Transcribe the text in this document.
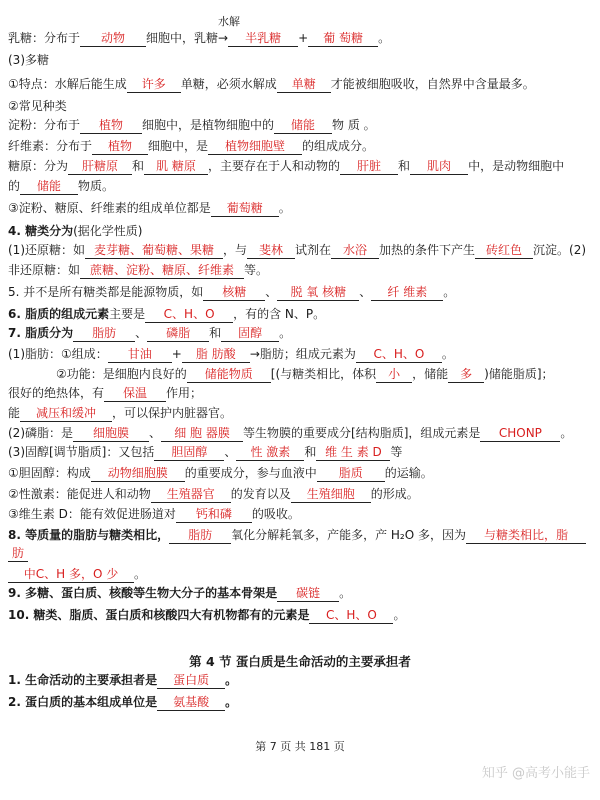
乳糖：分布于 动物 细胞中，乳糖
水解
→ 半乳糖 + 葡 萄糖 。
(3)多糖
①特点：水解后能生成 许多 单糖，必须水解成 单糖 才能被细胞吸收，自然界中含量最多。
②常见种类
淀粉：分布于 植物 细胞中，是植物细胞中的 储能 物 质 。
纤维素：分布于 植物 细胞中，是 植物细胞壁 的组成成分。
糖原：分为 肝糖原 和 肌 糖原 ，主要存在于人和动物的 肝脏 和 肌肉 中，是动物细胞中
的 储能 物质。
③淀粉、糖原、纤维素的组成单位都是 葡萄糖 。
4. 糖类分为(据化学性质)
(1)还原糖：如 麦芽糖、葡萄糖、果糖 ，与 斐林 试剂在 水浴 加热的条件下产生 砖红色 沉淀。(2)
非还原糖：如 蔗糖、淀粉、糖原、纤维素 等。
5. 并不是所有糖类都是能源物质，如 核糖 、 脱 氧 核糖 、 纤 维素 。
6. 脂质的组成元素主要是 C、H、O ，有的含 N、P。
7. 脂质分为 脂肪 、 磷脂 和 固醇 。
(1)脂肪：①组成： 甘油 + 脂 肪酸 →脂肪；组成元素为 C、H、O 。
　　　　②功能：是细胞内良好的 储能物质 [(与糖类相比，体积 小 ，储能 多 )储能脂质]；
很好的绝热体，有 保温 作用；
能 减压和缓冲 ，可以保护内脏器官。
(2)磷脂：是 细胞膜 、 细 胞 器膜 等生物膜的重要成分[结构脂质]，组成元素是 CHONP 。
(3)固醇[调节脂质]：又包括 胆固醇 、 性 激素 和 维 生 素 D 等
①胆固醇：构成 动物细胞膜 的重要成分，参与血液中 脂质 的运输。
②性激素：能促进人和动物 生殖器官 的发育以及 生殖细胞 的形成。
③维生素 D：能有效促进肠道对 钙和磷 的吸收。
8. 等质量的脂肪与糖类相比， 脂肪 氧化分解耗氧多，产能多，产 H₂O 多，因为 与糖类相比，脂
肪
中C、H 多，O 少 。
9. 多糖、蛋白质、核酸等生物大分子的基本骨架是 碳链 。
10. 糖类、脂质、蛋白质和核酸四大有机物都有的元素是 C、H、O 。
第 4 节 蛋白质是生命活动的主要承担者
1. 生命活动的主要承担者是 蛋白质 。
2. 蛋白质的基本组成单位是 氨基酸 。
第 7 页 共 181 页
知乎 @高考小能手
